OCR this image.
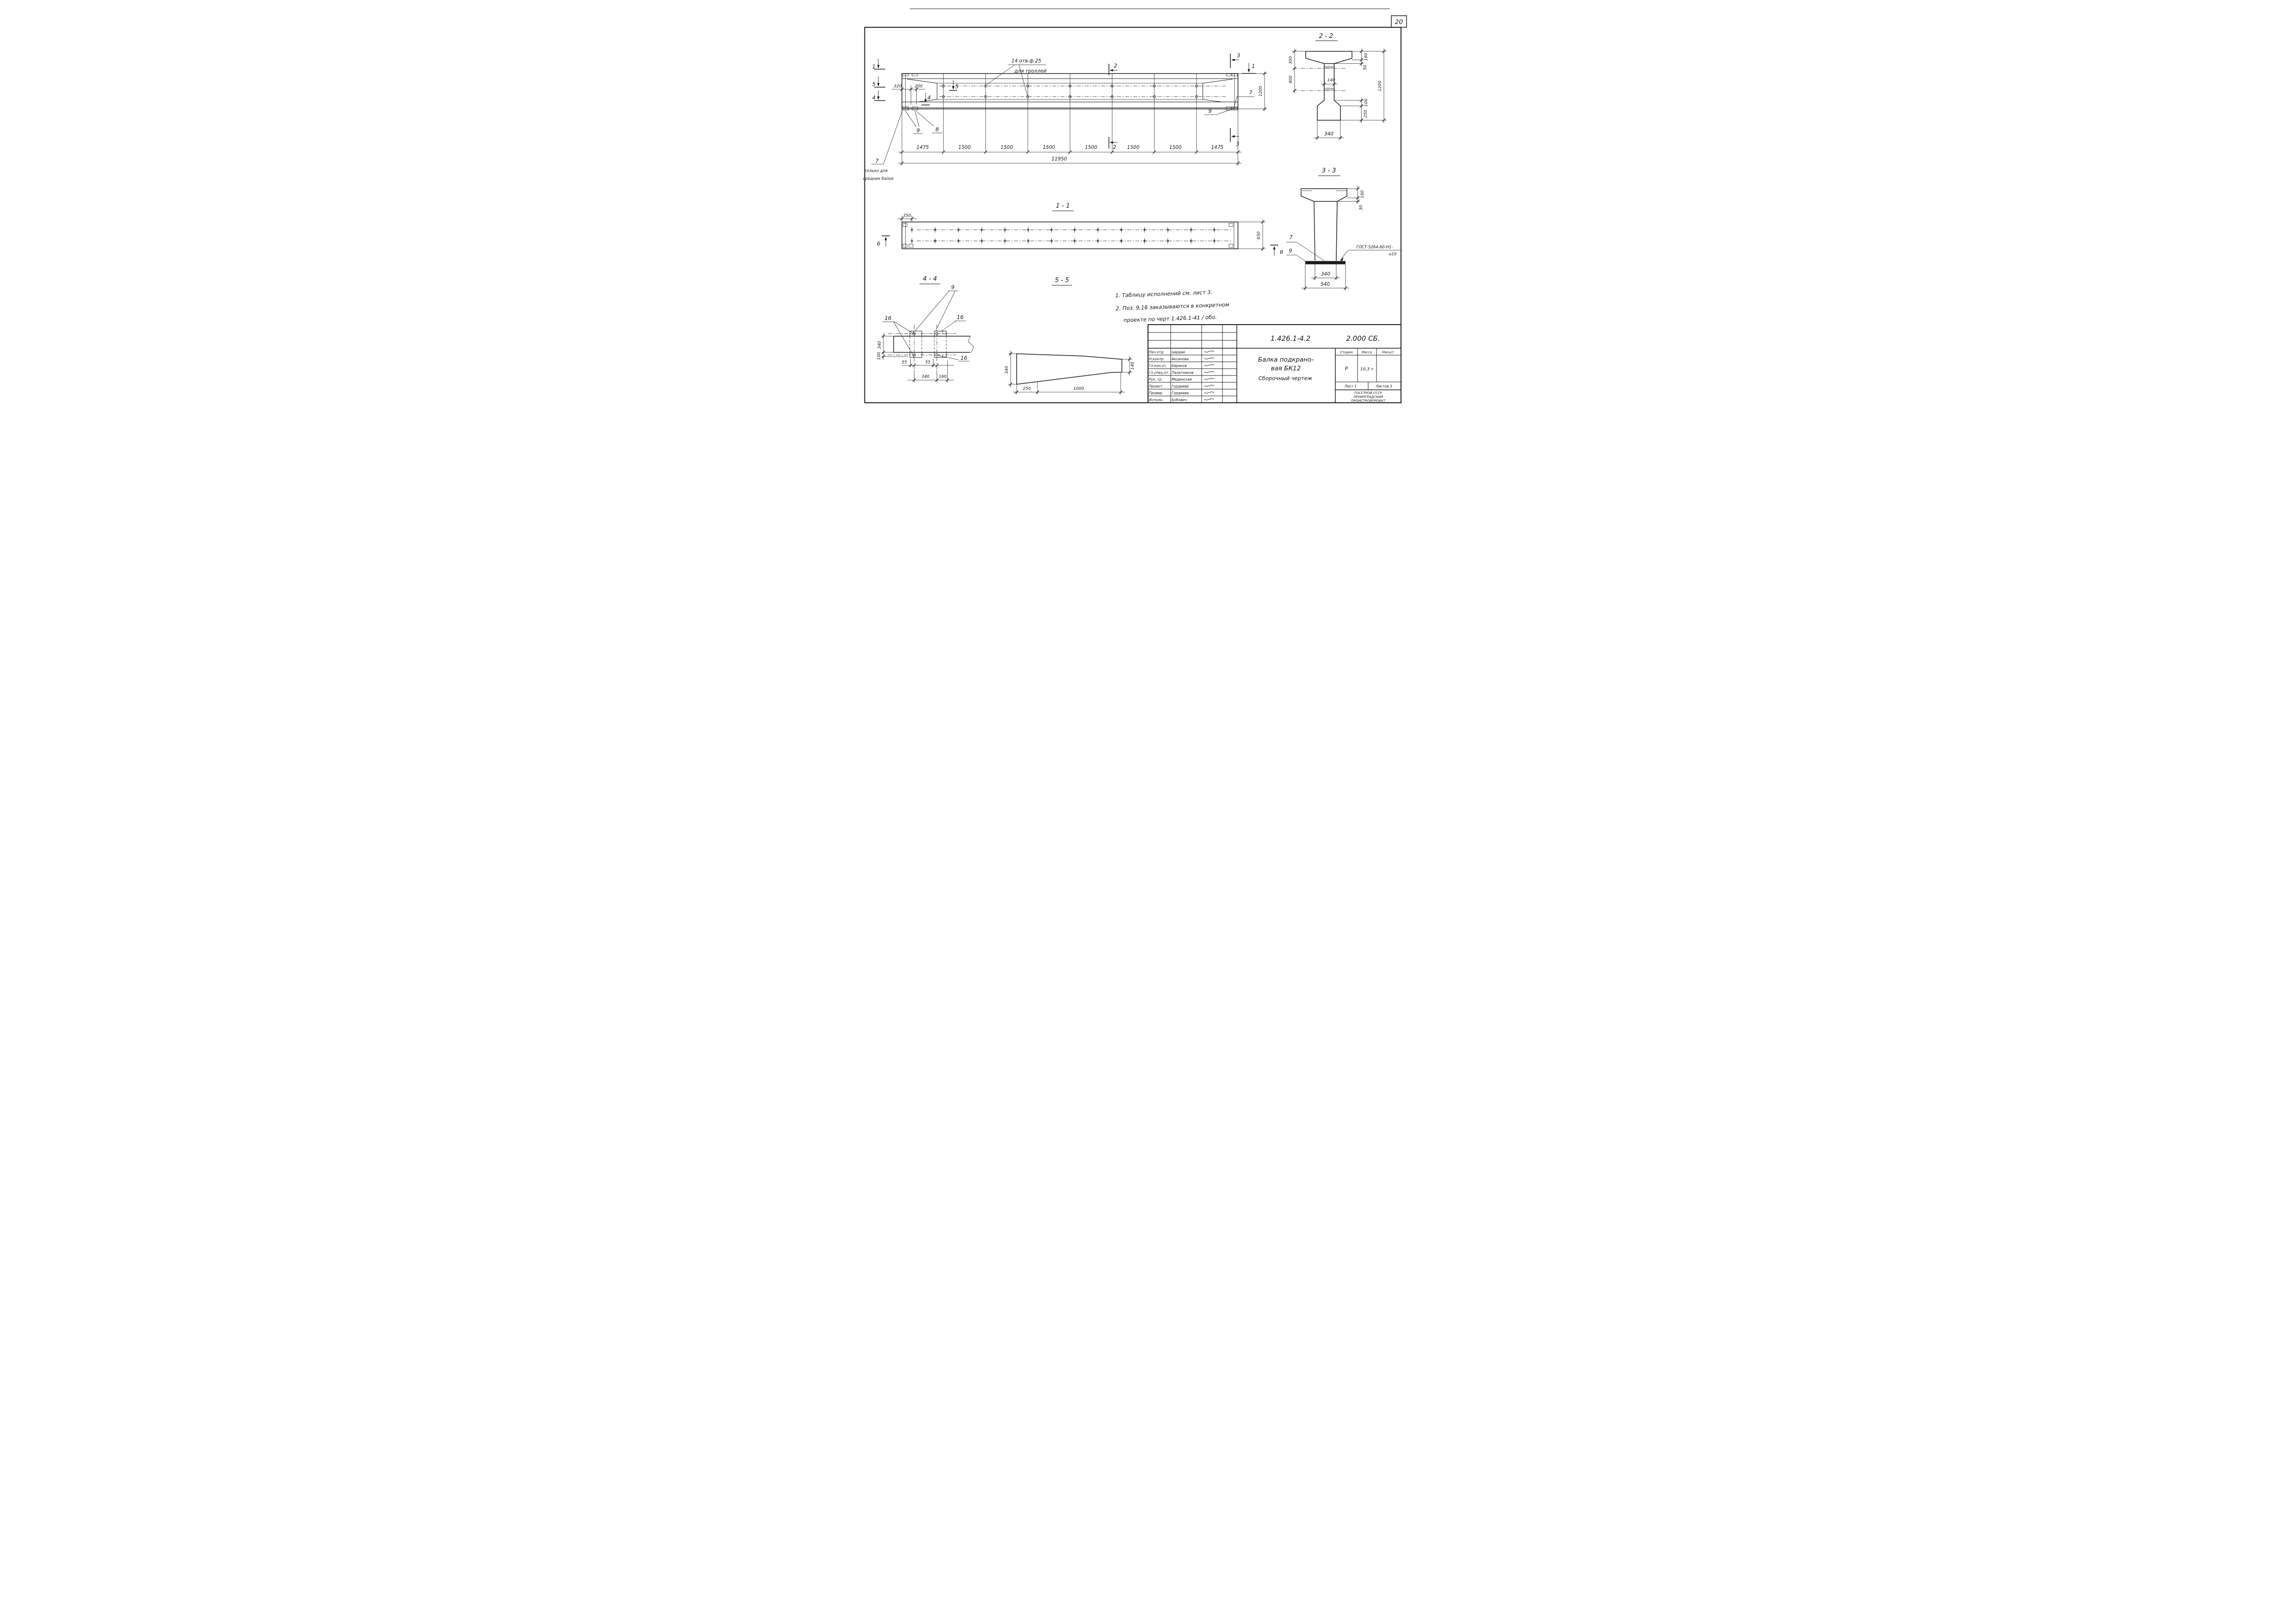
20
14 отв.ф 25
для троллей
1
5
4
1
5
4
2
2
3
3
320	200
7
только для
средних балок
9	8
7
9
1200
1475	1500	1500	1500	1500	1500	1500	1475
11950
2 - 2
300
400	140
160
50
100
250
1200
340
3 - 3
160
30
7
9	ГОСТ-5264-80-Н1-
-ь10
340
540
1 - 1
350
650
6
6
4 - 4
9
16	16
16
340
100
55	55
340 160
5 - 5
340
140
250	1000
1. Таблицу исполнений см. лист 3.
2. Поз. 9,16 заказываются в конкретном
проекте по черт 1.426.1-41 / обо.
1.426.1-4.2	2.000 СБ.
Балка подкрано-
вая БК12
Сборочный чертеж
Стадия	Масса	Масшт.
Р	10,3 т
Лист 1	Листов 3
ГОССТРОЙ СССР
ЛЕНИНГРАДСКИЙ
ПРОМСТРОЙПРОЕКТ
Нач.отд Цардак
Н.контр. Аксенова
Гл.кон.от. Баранов
Гл.спец.от. Палатников
Рук. гр.	Мединская
Проект. Гордеева
Провер. Гордеева
Исполн. Бобович
